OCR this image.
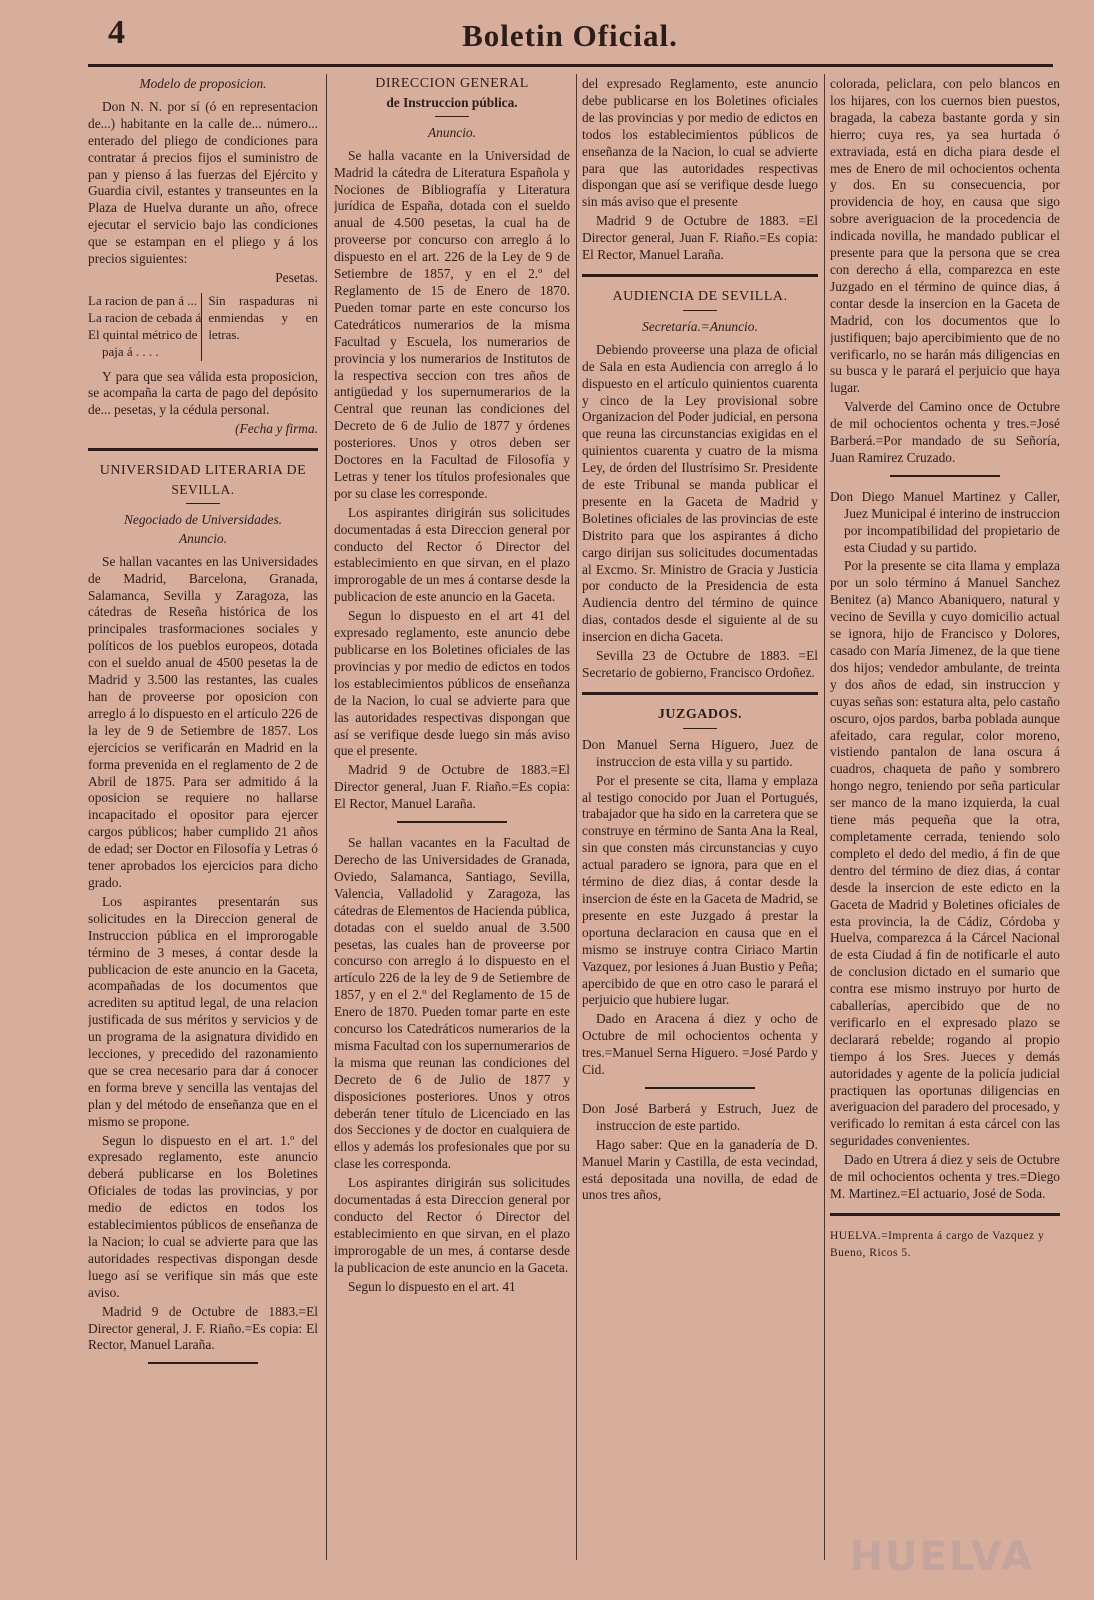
4	Boletin Oficial.

Modelo de proposicion.

Don N. N. por sí (ó en representacion de...) habitante en la calle de... número... enterado del pliego de condiciones para contratar á precios fijos el suministro de pan y pienso á las fuerzas del Ejército y Guardia civil, estantes y transeuntes en la Plaza de Huelva durante un año, ofrece ejecutar el servicio bajo las condiciones que se estampan en el pliego y á los precios siguientes:

Pesetas.

La racion de pan á ...
La racion de cebada á
El quintal métrico de
paja á . . . .
Sin raspaduras ni enmiendas y en letras.

Y para que sea válida esta proposicion, se acompaña la carta de pago del depósito de... pesetas, y la cédula personal.

(Fecha y firma.

UNIVERSIDAD LITERARIA DE

SEVILLA.

Negociado de Universidades.

Anuncio.

Se hallan vacantes en las Universidades de Madrid, Barcelona, Granada, Salamanca, Sevilla y Zaragoza, las cátedras de Reseña histórica de los principales trasformaciones sociales y políticos de los pueblos europeos, dotada con el sueldo anual de 4500 pesetas la de Madrid y 3.500 las restantes, las cuales han de proveerse por oposicion con arreglo á lo dispuesto en el artículo 226 de la ley de 9 de Setiembre de 1857. Los ejercicios se verificarán en Madrid en la forma prevenida en el reglamento de 2 de Abril de 1875. Para ser admitido á la oposicion se requiere no hallarse incapacitado el opositor para ejercer cargos públicos; haber cumplido 21 años de edad; ser Doctor en Filosofía y Letras ó tener aprobados los ejercicios para dicho grado.

Los aspirantes presentarán sus solicitudes en la Direccion general de Instruccion pública en el improrogable término de 3 meses, á contar desde la publicacion de este anuncio en la Gaceta, acompañadas de los documentos que acrediten su aptitud legal, de una relacion justificada de sus méritos y servicios y de un programa de la asignatura dividido en lecciones, y precedido del razonamiento que se crea necesario para dar á conocer en forma breve y sencilla las ventajas del plan y del método de enseñanza que en el mismo se propone.

Segun lo dispuesto en el art. 1.º del expresado reglamento, este anuncio deberá publicarse en los Boletines Oficiales de todas las provincias, y por medio de edictos en todos los establecimientos públicos de enseñanza de la Nacion; lo cual se advierte para que las autoridades respectivas dispongan desde luego así se verifique sin más que este aviso.

Madrid 9 de Octubre de 1883.=El Director general, J. F. Riaño.=Es copia: El Rector, Manuel Laraña.

DIRECCION GENERAL

de Instruccion pública.

Anuncio.

Se halla vacante en la Universidad de Madrid la cátedra de Literatura Española y Nociones de Bibliografía y Literatura jurídica de España, dotada con el sueldo anual de 4.500 pesetas, la cual ha de proveerse por concurso con arreglo á lo dispuesto en el art. 226 de la Ley de 9 de Setiembre de 1857, y en el 2.º del Reglamento de 15 de Enero de 1870. Pueden tomar parte en este concurso los Catedráticos numerarios de la misma Facultad y Escuela, los numerarios de provincia y los numerarios de Institutos de la respectiva seccion con tres años de antigüedad y los supernumerarios de la Central que reunan las condiciones del Decreto de 6 de Julio de 1877 y órdenes posteriores. Unos y otros deben ser Doctores en la Facultad de Filosofía y Letras y tener los títulos profesionales que por su clase les corresponde.

Los aspirantes dirigirán sus solicitudes documentadas á esta Direccion general por conducto del Rector ó Director del establecimiento en que sirvan, en el plazo improrogable de un mes á contarse desde la publicacion de este anuncio en la Gaceta.

Segun lo dispuesto en el art 41 del expresado reglamento, este anuncio debe publicarse en los Boletines oficiales de las provincias y por medio de edictos en todos los establecimientos públicos de enseñanza de la Nacion, lo cual se advierte para que las autoridades respectivas dispongan que así se verifique desde luego sin más aviso que el presente.

Madrid 9 de Octubre de 1883.=El Director general, Juan F. Riaño.=Es copia: El Rector, Manuel Laraña.

Se hallan vacantes en la Facultad de Derecho de las Universidades de Granada, Oviedo, Salamanca, Santiago, Sevilla, Valencia, Valladolid y Zaragoza, las cátedras de Elementos de Hacienda pública, dotadas con el sueldo anual de 3.500 pesetas, las cuales han de proveerse por concurso con arreglo á lo dispuesto en el artículo 226 de la ley de 9 de Setiembre de 1857, y en el 2.º del Reglamento de 15 de Enero de 1870. Pueden tomar parte en este concurso los Catedráticos numerarios de la misma Facultad con los supernumerarios de la misma que reunan las condiciones del Decreto de 6 de Julio de 1877 y disposiciones posteriores. Unos y otros deberán tener título de Licenciado en las dos Secciones y de doctor en cualquiera de ellos y además los profesionales que por su clase les corresponda.

Los aspirantes dirigirán sus solicitudes documentadas á esta Direccion general por conducto del Rector ó Director del establecimiento en que sirvan, en el plazo improrogable de un mes, á contarse desde la publicacion de este anuncio en la Gaceta.

Segun lo dispuesto en el art. 41

del expresado Reglamento, este anuncio debe publicarse en los Boletines oficiales de las provincias y por medio de edictos en todos los establecimientos públicos de enseñanza de la Nacion, lo cual se advierte para que las autoridades respectivas dispongan que así se verifique desde luego sin más aviso que el presente

Madrid 9 de Octubre de 1883. =El Director general, Juan F. Riaño.=Es copia: El Rector, Manuel Laraña.

AUDIENCIA DE SEVILLA.

Secretaría.=Anuncio.

Debiendo proveerse una plaza de oficial de Sala en esta Audiencia con arreglo á lo dispuesto en el artículo quinientos cuarenta y cinco de la Ley provisional sobre Organizacion del Poder judicial, en persona que reuna las circunstancias exigidas en el quinientos cuarenta y cuatro de la misma Ley, de órden del Ilustrísimo Sr. Presidente de este Tribunal se manda publicar el presente en la Gaceta de Madrid y Boletines oficiales de las provincias de este Distrito para que los aspirantes á dicho cargo dirijan sus solicitudes documentadas al Excmo. Sr. Ministro de Gracia y Justicia por conducto de la Presidencia de esta Audiencia dentro del término de quince dias, contados desde el siguiente al de su insercion en dicha Gaceta.

Sevilla 23 de Octubre de 1883. =El Secretario de gobierno, Francisco Ordoñez.

JUZGADOS.

Don Manuel Serna Higuero, Juez de instruccion de esta villa y su partido.

Por el presente se cita, llama y emplaza al testigo conocido por Juan el Portugués, trabajador que ha sido en la carretera que se construye en término de Santa Ana la Real, sin que consten más circunstancias y cuyo actual paradero se ignora, para que en el término de diez dias, á contar desde la insercion de éste en la Gaceta de Madrid, se presente en este Juzgado á prestar la oportuna declaracion en causa que en el mismo se instruye contra Ciriaco Martin Vazquez, por lesiones á Juan Bustio y Peña; apercibido de que en otro caso le parará el perjuicio que hubiere lugar.

Dado en Aracena á diez y ocho de Octubre de mil ochocientos ochenta y tres.=Manuel Serna Higuero. =José Pardo y Cid.

Don José Barberá y Estruch, Juez de instruccion de este partido.

Hago saber: Que en la ganadería de D. Manuel Marin y Castilla, de esta vecindad, está depositada una novilla, de edad de unos tres años,

colorada, peliclara, con pelo blancos en los hijares, con los cuernos bien puestos, bragada, la cabeza bastante gorda y sin hierro; cuya res, ya sea hurtada ó extraviada, está en dicha piara desde el mes de Enero de mil ochocientos ochenta y dos. En su consecuencia, por providencia de hoy, en causa que sigo sobre averiguacion de la procedencia de indicada novilla, he mandado publicar el presente para que la persona que se crea con derecho á ella, comparezca en este Juzgado en el término de quince dias, á contar desde la insercion en la Gaceta de Madrid, con los documentos que lo justifiquen; bajo apercibimiento que de no verificarlo, no se harán más diligencias en su busca y le parará el perjuicio que haya lugar.

Valverde del Camino once de Octubre de mil ochocientos ochenta y tres.=José Barberá.=Por mandado de su Señoría, Juan Ramirez Cruzado.

Don Diego Manuel Martinez y Caller, Juez Municipal é interino de instruccion por incompatibilidad del propietario de esta Ciudad y su partido.

Por la presente se cita llama y emplaza por un solo término á Manuel Sanchez Benitez (a) Manco Abaniquero, natural y vecino de Sevilla y cuyo domicilio actual se ignora, hijo de Francisco y Dolores, casado con María Jimenez, de la que tiene dos hijos; vendedor ambulante, de treinta y dos años de edad, sin instruccion y cuyas señas son: estatura alta, pelo castaño oscuro, ojos pardos, barba poblada aunque afeitado, cara regular, color moreno, vistiendo pantalon de lana oscura á cuadros, chaqueta de paño y sombrero hongo negro, teniendo por seña particular ser manco de la mano izquierda, la cual tiene más pequeña que la otra, completamente cerrada, teniendo solo completo el dedo del medio, á fin de que dentro del término de diez dias, á contar desde la insercion de este edicto en la Gaceta de Madrid y Boletines oficiales de esta provincia, la de Cádiz, Córdoba y Huelva, comparezca á la Cárcel Nacional de esta Ciudad á fin de notificarle el auto de conclusion dictado en el sumario que contra ese mismo instruyo por hurto de caballerías, apercibido que de no verificarlo en el expresado plazo se declarará rebelde; rogando al propio tiempo á los Sres. Jueces y demás autoridades y agente de la policía judicial practiquen las oportunas diligencias en averiguacion del paradero del procesado, y verificado lo remitan á esta cárcel con las seguridades convenientes.

Dado en Utrera á diez y seis de Octubre de mil ochocientos ochenta y tres.=Diego M. Martinez.=El actuario, José de Soda.

HUELVA.=Imprenta á cargo de Vazquez y Bueno, Ricos 5.

HUELVA
